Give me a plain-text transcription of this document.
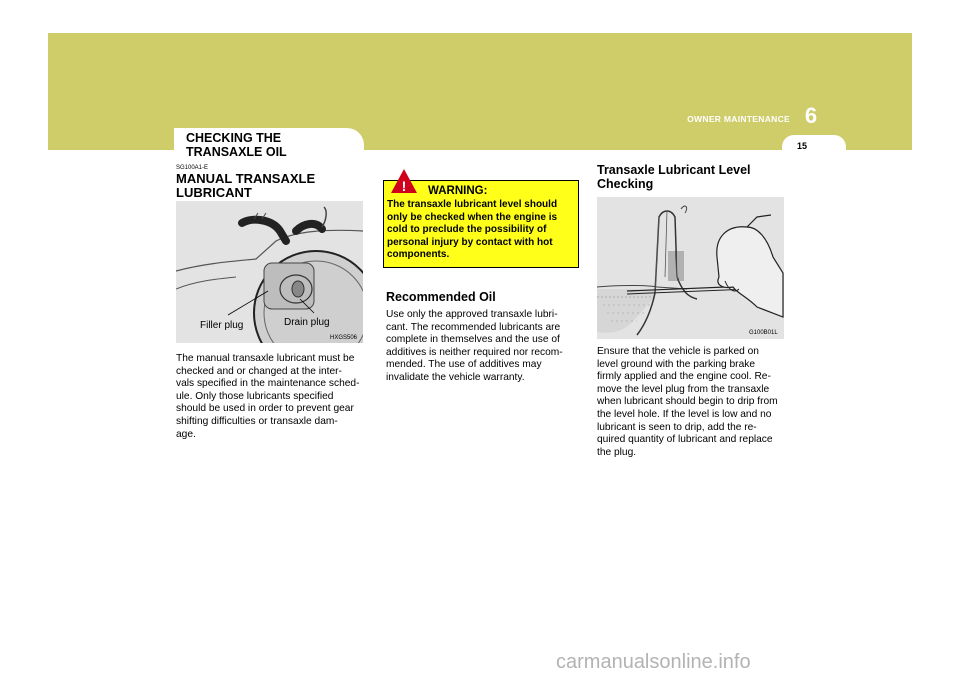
6
OWNER MAINTENANCE
15
CHECKING THE
TRANSAXLE OIL
SG100A1-E
MANUAL TRANSAXLE
LUBRICANT
Filler plug	Drain plug
HXGS506
The manual transaxle lubricant must be
checked and or changed at the inter-
vals specified in the maintenance sched-
ule. Only those lubricants specified
should be used in order to prevent gear
shifting difficulties or transaxle dam-
age.
!	WARNING:
The transaxle lubricant level should
only be checked when the engine is
cold to preclude the possibility of
personal injury by contact with hot
components.
Recommended Oil
Use only the approved transaxle lubri-
cant. The recommended lubricants are
complete in themselves and the use of
additives is neither required nor recom-
mended. The use of additives may
invalidate the vehicle warranty.
Transaxle Lubricant Level
Checking
G100B01L
Ensure that the vehicle is parked on
level ground with the parking brake
firmly applied and the engine cool. Re-
move the level plug from the transaxle
when lubricant should begin to drip from
the level hole. If the level is low and no
lubricant is seen to drip, add the re-
quired quantity of lubricant and replace
the plug.
carmanualsonline.info
